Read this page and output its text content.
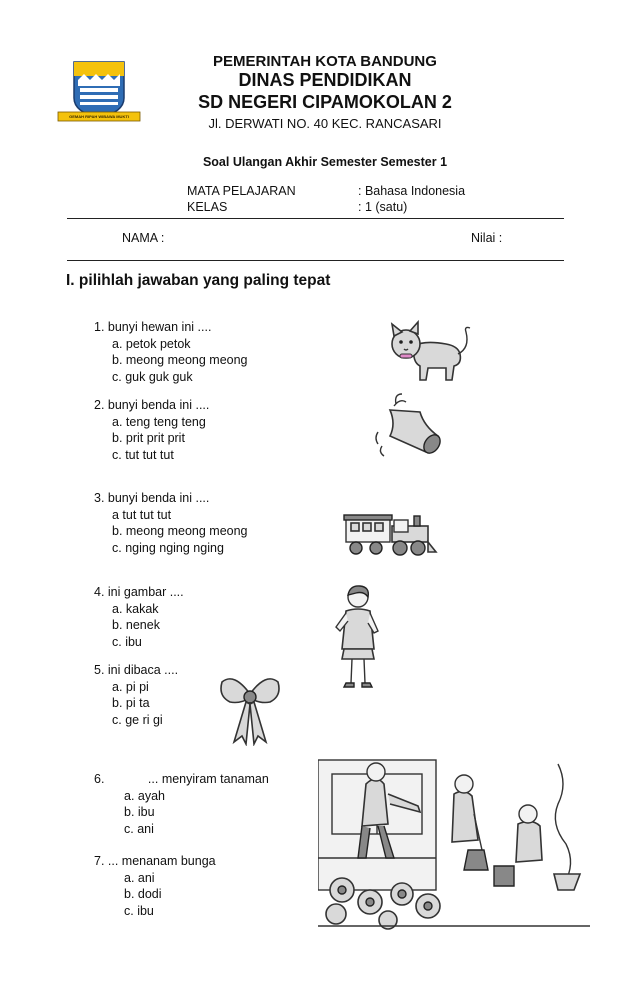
GEMAH RIPAH WIBAWA MUKTI
PEMERINTAH KOTA BANDUNG
DINAS PENDIDIKAN
SD NEGERI CIPAMOKOLAN 2
Jl. DERWATI NO. 40 KEC. RANCASARI
Soal Ulangan Akhir Semester Semester 1
MATA PELAJARAN	: Bahasa Indonesia
KELAS	: 1 (satu)
NAMA :	Nilai :
I. pilihlah jawaban yang paling tepat
1. bunyi hewan ini ....
a. petok petok
b. meong meong meong
c. guk guk guk
2. bunyi benda ini ....
a. teng teng teng
b. prit prit prit
c. tut tut tut
3. bunyi benda ini ....
a tut tut tut
b. meong meong meong
c. nging nging nging
4. ini gambar ....
a. kakak
b. nenek
c. ibu
5. ini dibaca ....
a. pi pi
b. pi ta
c. ge ri gi
6.	... menyiram tanaman
a. ayah
b. ibu
c. ani
7. ... menanam bunga
a. ani
b. dodi
c. ibu
